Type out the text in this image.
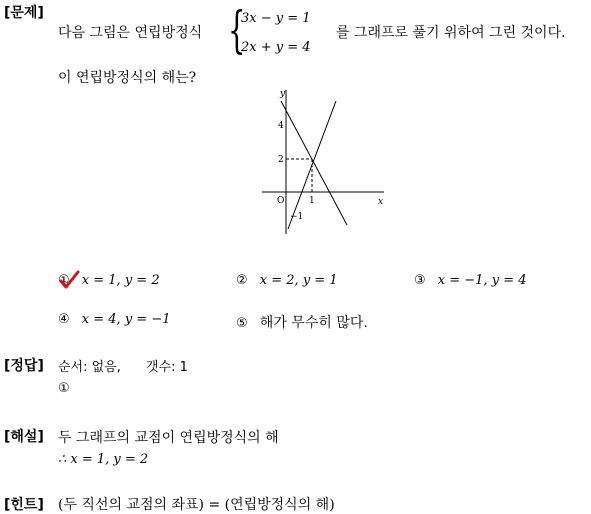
[문제]
다음 그림은 연립방정식 {
3x − y = 1
2x + y = 4
를 그래프로 풀기 위하여 그린 것이다.
이 연립방정식의 해는?
y
x
O
4
2
1
−1
① x = 1, y = 2	② x = 2, y = 1	③ x = −1, y = 4
④ x = 4, y = −1	⑤ 해가 무수히 많다.
[정답] 순서: 없음, 갯수: 1
①
[해설] 두 그래프의 교점이 연립방정식의 해
∴ x = 1, y = 2
[힌트] (두 직선의 교점의 좌표) = (연립방정식의 해)
